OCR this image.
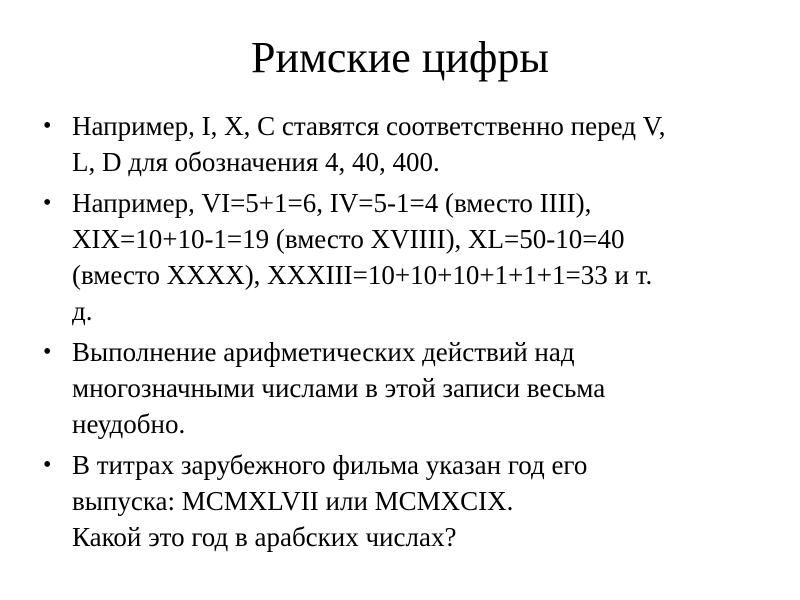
Римские цифры
• Например, I, X, C ставятся соответственно перед V,
L, D для обозначения 4, 40, 400.
• Например, VI=5+1=6, IV=5-1=4 (вместо IIII),
XIX=10+10-1=19 (вместо XVIIII), XL=50-10=40
(вместо XXXX), XXXIII=10+10+10+1+1+1=33 и т.
д.
• Выполнение арифметических действий над
многозначными числами в этой записи весьма
неудобно.
• В титрах зарубежного фильма указан год его
выпуска: MCMXLVII или MCMXCIX.
Какой это год в арабских числах?
